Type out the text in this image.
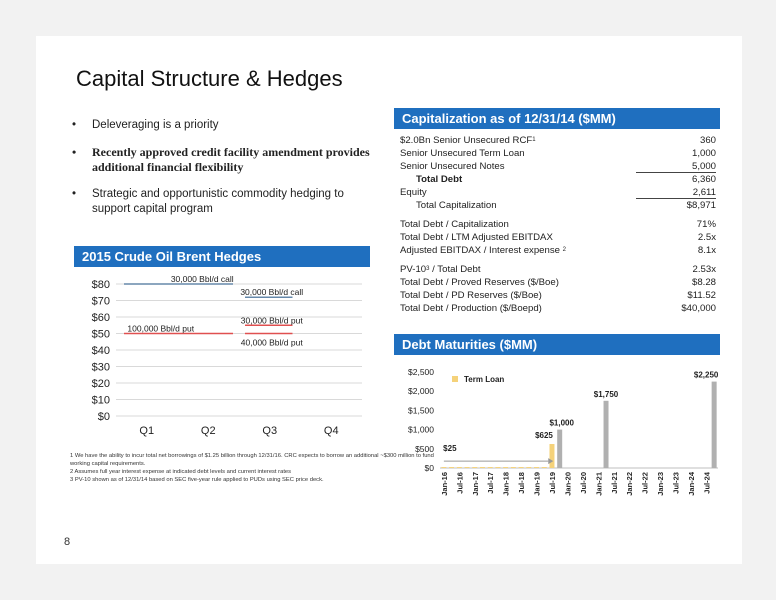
Capital Structure & Hedges
• Deleveraging is a priority
• Recently approved credit facility amendment provides additional financial flexibility
• Strategic and opportunistic commodity hedging to support capital program
Capitalization as of 12/31/14 ($MM)
$2.0Bn Senior Unsecured RCF$^1$	360
Senior Unsecured Term Loan	1,000
Senior Unsecured Notes	5,000
Total Debt	6,360
Equity	2,611
Total Capitalization	$8,971
Total Debt / Capitalization	71%
Total Debt / LTM Adjusted EBITDAX	2.5x
Adjusted EBITDAX / Interest expense $^2$	8.1x
$PV-10^3$ / Total Debt	2.53x
Total Debt / Proved Reserves ($/Boe)	$8.28
Total Debt / PD Reserves ($/Boe)	$11.52
Total Debt / Production ($/Boepd)	$40,000
2015 Crude Oil Brent Hedges
$0
$10
$20
$30
$40
$50
$60
$70
$80
Q1	Q2	Q3	Q4
100,000 Bbl/d put
30,000 Bbl/d call
30,000 Bbl/d call
30,000 Bbl/d put
40,000 Bbl/d put	Debt Maturities ($MM)
$0
$500
$1,000
$1,500
$2,000
$2,500
$25
$625
$1,000
$1,750
$2,250
Term Loan
Jan-16 Jul-16 Jan-17 Jul-17 Jan-18 Jul-18 Jan-19 Jul-19 Jan-20 Jul-20 Jan-21 Jul-21 Jan-22 Jul-22 Jan-23 Jul-23 Jan-24 Jul-24
1 We have the ability to incur total net borrowings of $1.25 billion through 12/31/16. CRC expects to borrow an additional ~$300 million to fund working capital requirements.
2 Assumes full year interest expense at indicated debt levels and current interest rates
3 PV-10 shown as of 12/31/14 based on SEC five-year rule applied to PUDs using SEC price deck.
8
